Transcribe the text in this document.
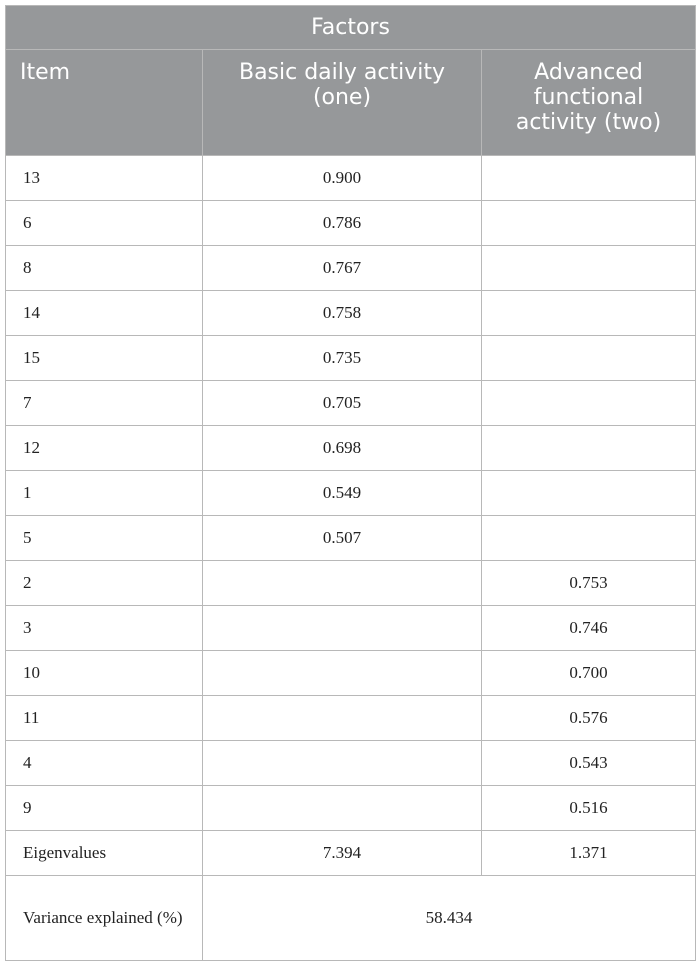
Factors		
Item	Basic daily activity (one)	Advanced functional activity (two)
13	0.900	
6	0.786	
8	0.767	
14	0.758	
15	0.735	
7	0.705	
12	0.698	
1	0.549	
5	0.507	
2		0.753
3		0.746
10		0.700
11		0.576
4		0.543
9		0.516
Eigenvalues	7.394	1.371
Variance explained (%)	58.434	
